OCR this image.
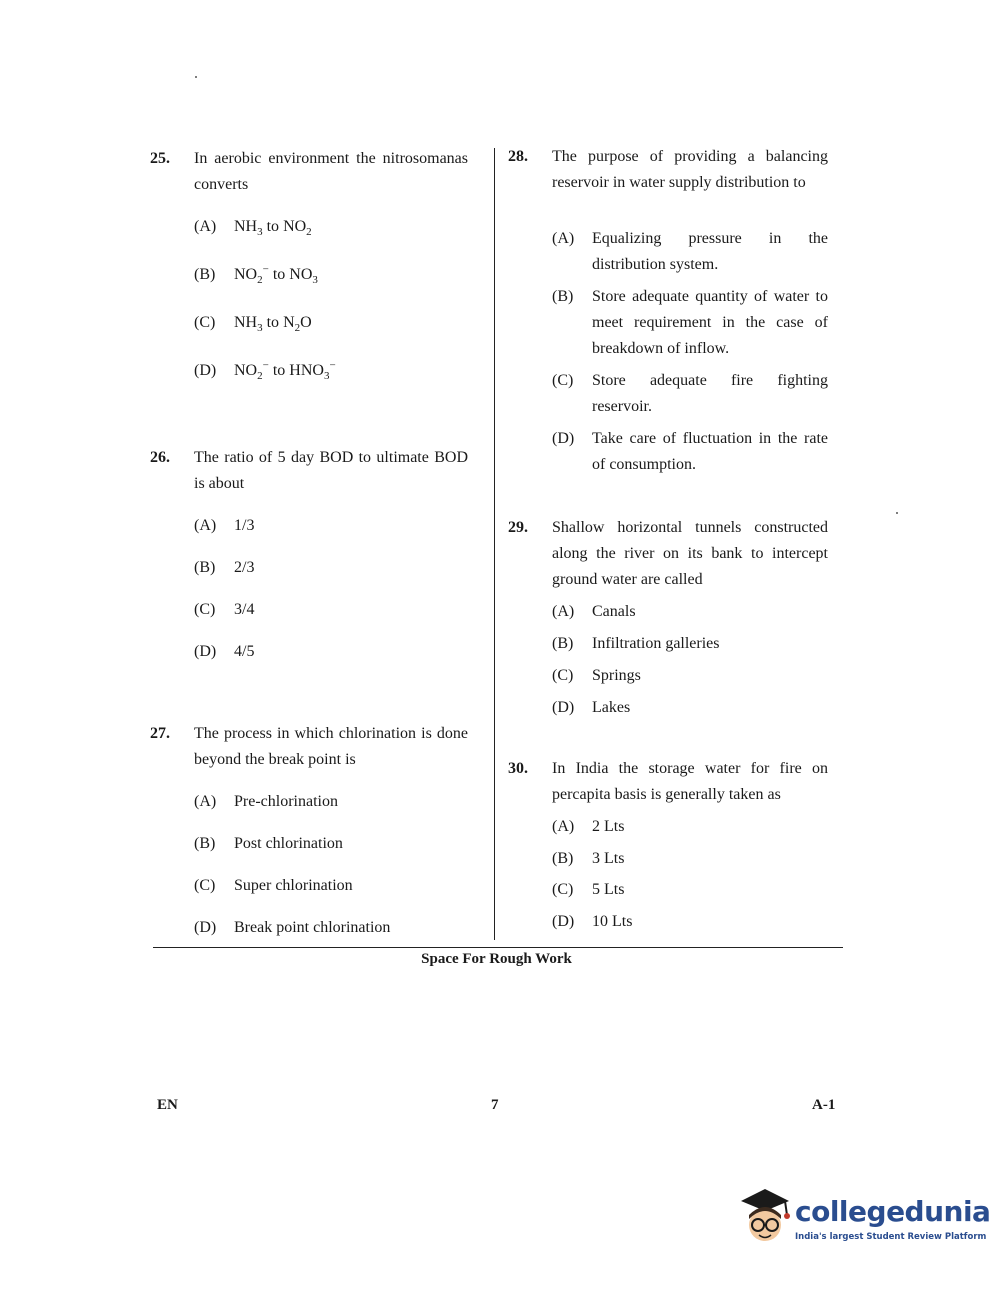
25. In aerobic environment the nitrosomanas converts
(A) $NH_3$ to $NO_2$
(B) $NO_2^-$ to $NO_3$
(C) $NH_3$ to $N_2O$
(D) $NO_2^-$ to $HNO_3^-$
26. The ratio of 5 day BOD to ultimate BOD is about
(A) 1/3
(B) 2/3
(C) 3/4
(D) 4/5
27. The process in which chlorination is done beyond the break point is
(A) Pre-chlorination
(B) Post chlorination
(C) Super chlorination
(D) Break point chlorination
28. The purpose of providing a balancing reservoir in water supply distribution to
(A) Equalizing pressure in the distribution system.
(B) Store adequate quantity of water to meet requirement in the case of breakdown of inflow.
(C) Store adequate fire fighting reservoir.
(D) Take care of fluctuation in the rate of consumption.
29. Shallow horizontal tunnels constructed along the river on its bank to intercept ground water are called
(A) Canals
(B) Infiltration galleries
(C) Springs
(D) Lakes
30. In India the storage water for fire on percapita basis is generally taken as
(A) 2 Lts
(B) 3 Lts
(C) 5 Lts
(D) 10 Lts
Space For Rough Work
EN	7	A-1
collegedunia
India's largest Student Review Platform
